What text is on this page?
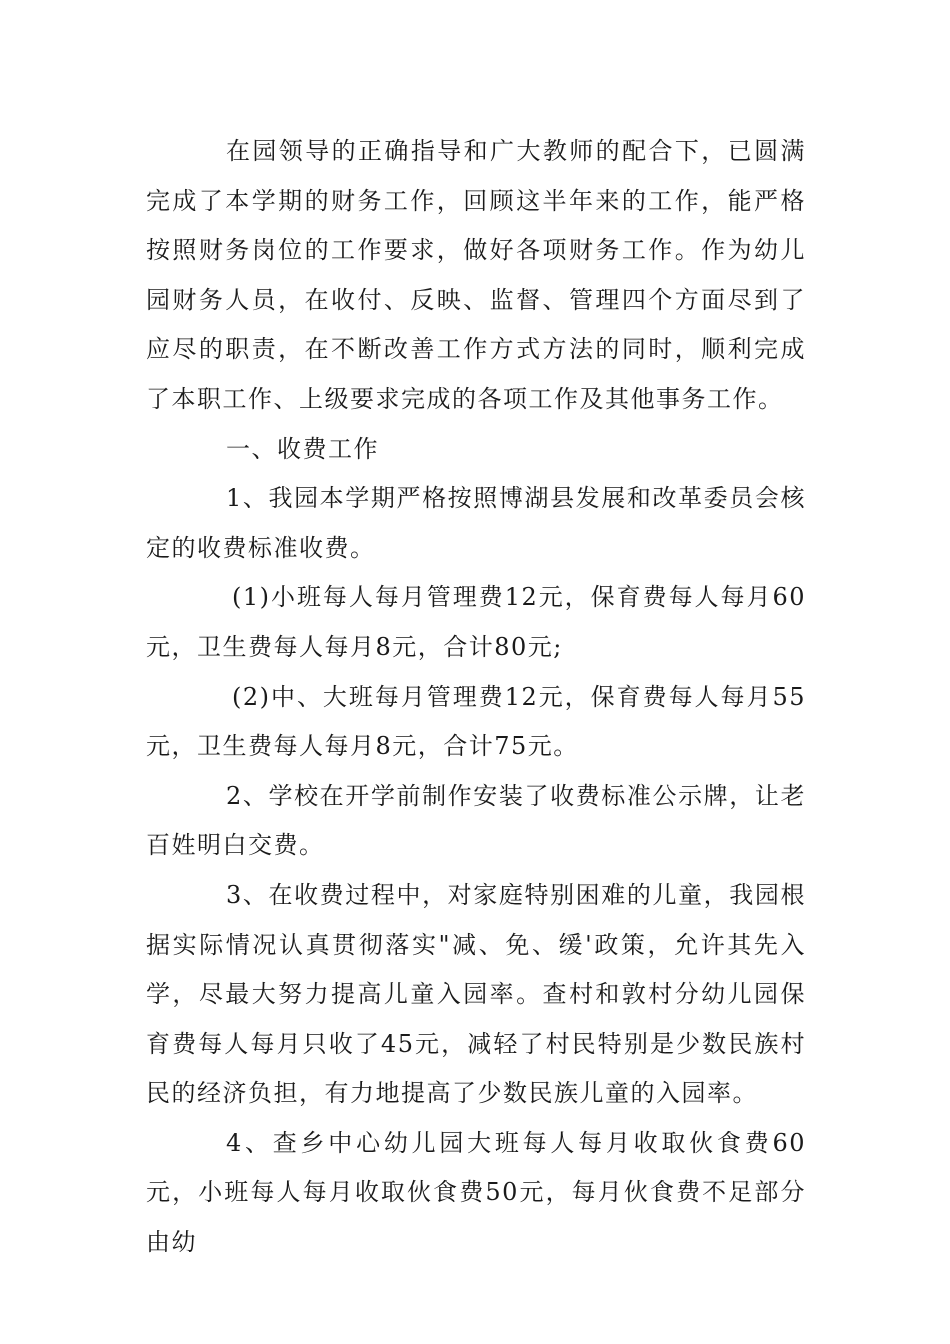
在园领导的正确指导和广大教师的配合下，已圆满完成了本学期的财务工作，回顾这半年来的工作，能严格按照财务岗位的工作要求，做好各项财务工作。作为幼儿园财务人员，在收付、反映、监督、管理四个方面尽到了应尽的职责，在不断改善工作方式方法的同时，顺利完成了本职工作、上级要求完成的各项工作及其他事务工作。

一、收费工作

1、我园本学期严格按照博湖县发展和改革委员会核定的收费标准收费。

(1)小班每人每月管理费12元，保育费每人每月60元，卫生费每人每月8元，合计80元;

(2)中、大班每月管理费12元，保育费每人每月55元，卫生费每人每月8元，合计75元。

2、学校在开学前制作安装了收费标准公示牌，让老百姓明白交费。

3、在收费过程中，对家庭特别困难的儿童，我园根据实际情况认真贯彻落实"减、免、缓'政策，允许其先入学，尽最大努力提高儿童入园率。查村和敦村分幼儿园保育费每人每月只收了45元，减轻了村民特别是少数民族村民的经济负担，有力地提高了少数民族儿童的入园率。

4、查乡中心幼儿园大班每人每月收取伙食费60元，小班每人每月收取伙食费50元，每月伙食费不足部分由幼
